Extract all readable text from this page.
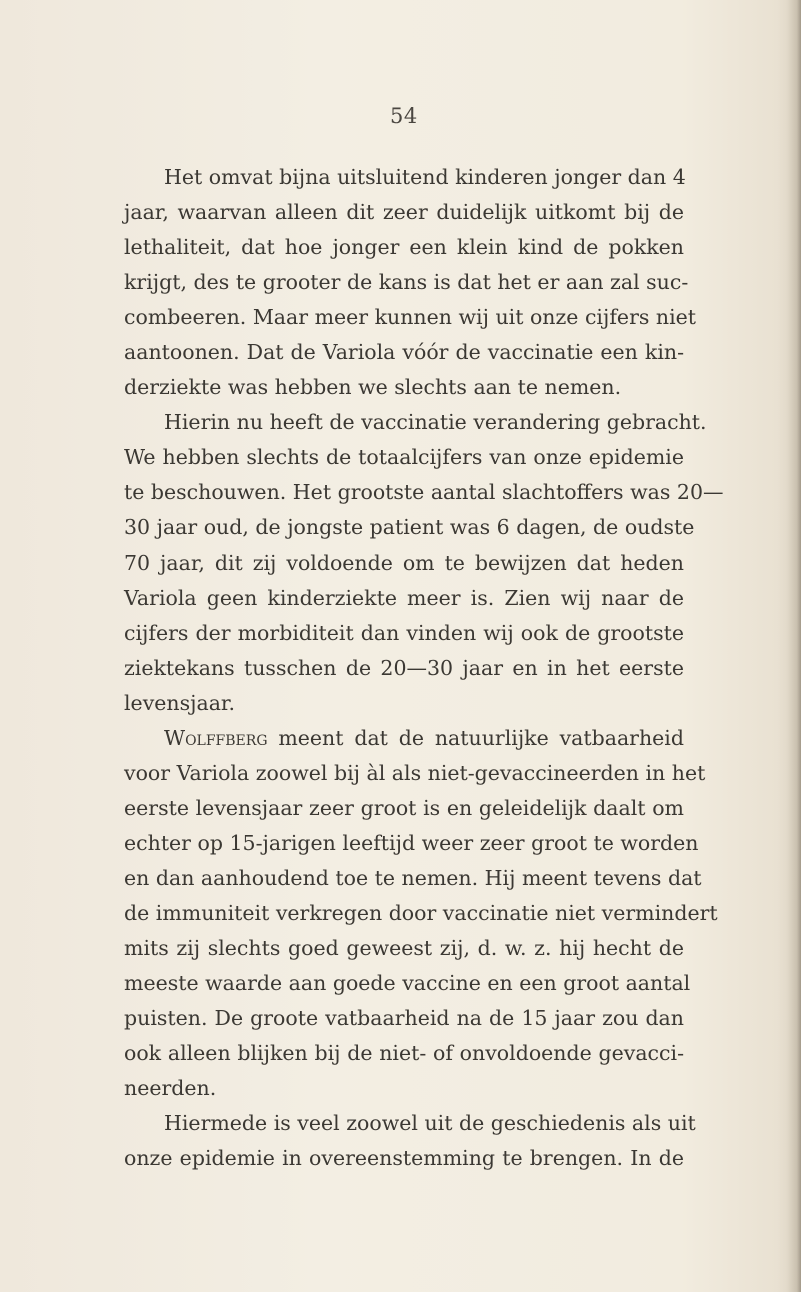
54
Het omvat bijna uitsluitend kinderen jonger dan 4
jaar, waarvan alleen dit zeer duidelijk uitkomt bij de
lethaliteit, dat hoe jonger een klein kind de pokken
krijgt, des te grooter de kans is dat het er aan zal suc-
combeeren. Maar meer kunnen wij uit onze cijfers niet
aantoonen. Dat de Variola vóór de vaccinatie een kin-
derziekte was hebben we slechts aan te nemen.
Hierin nu heeft de vaccinatie verandering gebracht.
We hebben slechts de totaalcijfers van onze epidemie
te beschouwen. Het grootste aantal slachtoffers was 20—
30 jaar oud, de jongste patient was 6 dagen, de oudste
70 jaar, dit zij voldoende om te bewijzen dat heden
Variola geen kinderziekte meer is. Zien wij naar de
cijfers der morbiditeit dan vinden wij ook de grootste
ziektekans tusschen de 20—30 jaar en in het eerste
levensjaar.
Wolffberg meent dat de natuurlijke vatbaarheid
voor Variola zoowel bij àl als niet-gevaccineerden in het
eerste levensjaar zeer groot is en geleidelijk daalt om
echter op 15-jarigen leeftijd weer zeer groot te worden
en dan aanhoudend toe te nemen. Hij meent tevens dat
de immuniteit verkregen door vaccinatie niet vermindert
mits zij slechts goed geweest zij, d. w. z. hij hecht de
meeste waarde aan goede vaccine en een groot aantal
puisten. De groote vatbaarheid na de 15 jaar zou dan
ook alleen blijken bij de niet- of onvoldoende gevacci-
neerden.
Hiermede is veel zoowel uit de geschiedenis als uit
onze epidemie in overeenstemming te brengen. In de
